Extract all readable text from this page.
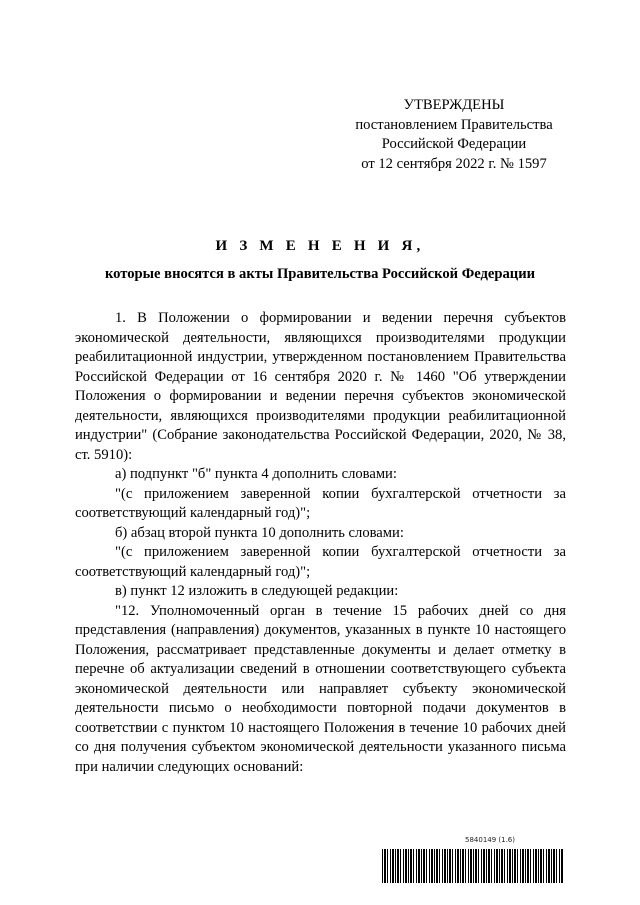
УТВЕРЖДЕНЫ
постановлением Правительства
Российской Федерации
от 12 сентября 2022 г. № 1597
И З М Е Н Е Н И Я,
которые вносятся в акты Правительства Российской Федерации

1. В Положении о формировании и ведении перечня субъектов экономической деятельности, являющихся производителями продукции реабилитационной индустрии, утвержденном постановлением Правительства Российской Федерации от 16 сентября 2020 г. № 1460 "Об утверждении Положения о формировании и ведении перечня субъектов экономической деятельности, являющихся производителями продукции реабилитационной индустрии" (Собрание законодательства Российской Федерации, 2020, № 38, ст. 5910):

а) подпункт "б" пункта 4 дополнить словами:

"(с приложением заверенной копии бухгалтерской отчетности за соответствующий календарный год)";

б) абзац второй пункта 10 дополнить словами:

"(с приложением заверенной копии бухгалтерской отчетности за соответствующий календарный год)";

в) пункт 12 изложить в следующей редакции:

"12. Уполномоченный орган в течение 15 рабочих дней со дня представления (направления) документов, указанных в пункте 10 настоящего Положения, рассматривает представленные документы и делает отметку в перечне об актуализации сведений в отношении соответствующего субъекта экономической деятельности или направляет субъекту экономической деятельности письмо о необходимости повторной подачи документов в соответствии с пунктом 10 настоящего Положения в течение 10 рабочих дней со дня получения субъектом экономической деятельности указанного письма при наличии следующих оснований:

5840149 (1.6)
